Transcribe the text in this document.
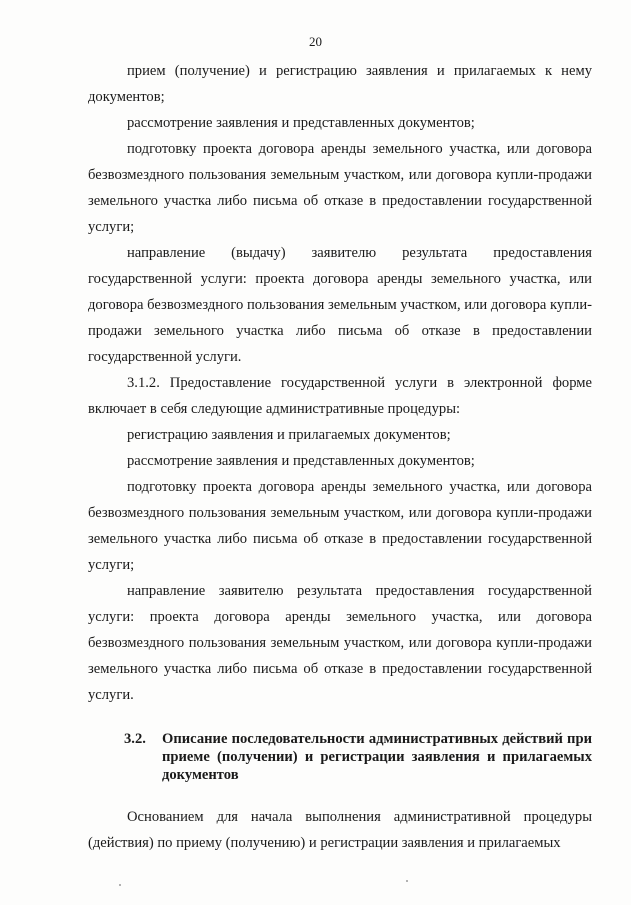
20

прием (получение) и регистрацию заявления и прилагаемых к нему документов;

рассмотрение заявления и представленных документов;

подготовку проекта договора аренды земельного участка, или договора безвозмездного пользования земельным участком, или договора купли-продажи земельного участка либо письма об отказе в предоставлении государственной услуги;

направление (выдачу) заявителю результата предоставления государственной услуги: проекта договора аренды земельного участка, или договора безвозмездного пользования земельным участком, или договора купли-продажи земельного участка либо письма об отказе в предоставлении государственной услуги.

3.1.2. Предоставление государственной услуги в электронной форме включает в себя следующие административные процедуры:

регистрацию заявления и прилагаемых документов;

рассмотрение заявления и представленных документов;

подготовку проекта договора аренды земельного участка, или договора безвозмездного пользования земельным участком, или договора купли-продажи земельного участка либо письма об отказе в предоставлении государственной услуги;

направление заявителю результата предоставления государственной услуги: проекта договора аренды земельного участка, или договора безвозмездного пользования земельным участком, или договора купли-продажи земельного участка либо письма об отказе в предоставлении государственной услуги.

3.2.	Описание последовательности административных действий при приеме (получении) и регистрации заявления и прилагаемых документов

Основанием для начала выполнения административной процедуры (действия) по приему (получению) и регистрации заявления и прилагаемых
